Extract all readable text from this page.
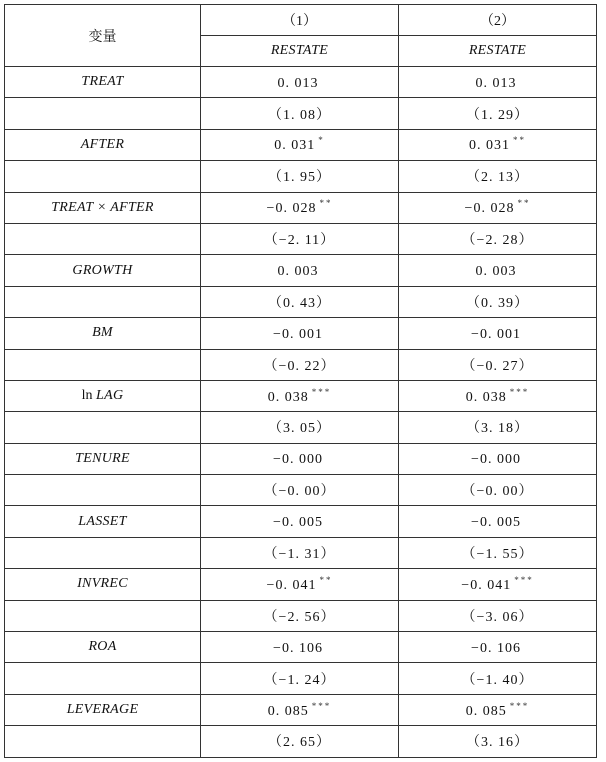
变量	（1）	（2）
	RESTATE	RESTATE
TREAT	0. 013	0. 013
	（1. 08）	（1. 29）
AFTER	0. 031 *	0. 031 **
	（1. 95）	（2. 13）
TREAT × AFTER	−0. 028 **	−0. 028 **
	（−2. 11）	（−2. 28）
GROWTH	0. 003	0. 003
	（0. 43）	（0. 39）
BM	−0. 001	−0. 001
	（−0. 22）	（−0. 27）
ln LAG	0. 038 ***	0. 038 ***
	（3. 05）	（3. 18）
TENURE	−0. 000	−0. 000
	（−0. 00）	（−0. 00）
LASSET	−0. 005	−0. 005
	（−1. 31）	（−1. 55）
INVREC	−0. 041 **	−0. 041 ***
	（−2. 56）	（−3. 06）
ROA	−0. 106	−0. 106
	（−1. 24）	（−1. 40）
LEVERAGE	0. 085 ***	0. 085 ***
	（2. 65）	（3. 16）
